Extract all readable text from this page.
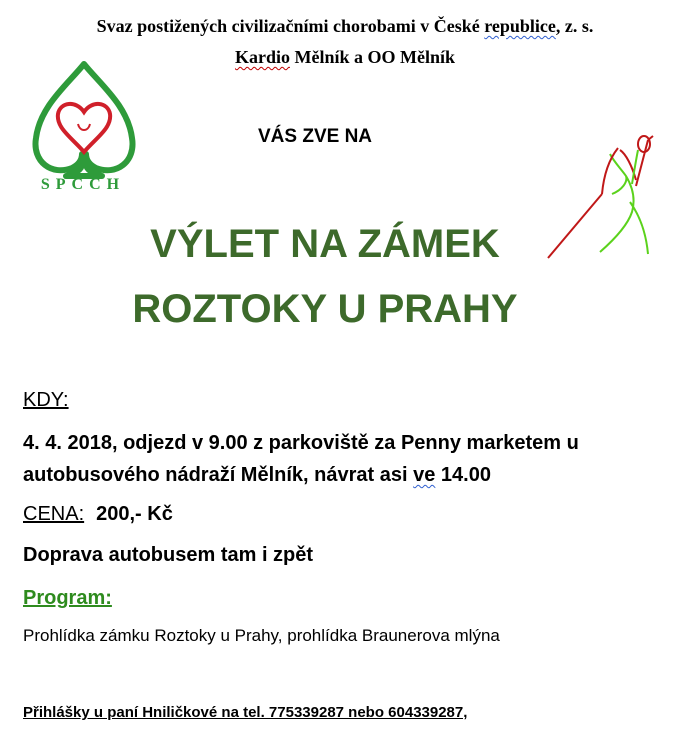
Svaz postižených civilizačními chorobami v České republice, z. s.
Kardio Mělník a OO Mělník
SPCCH
VÁS ZVE NA
VÝLET NA ZÁMEK
ROZTOKY U PRAHY
KDY:
4. 4. 2018, odjezd v 9.00 z parkoviště za Penny marketem u
autobusového nádraží Mělník, návrat asi ve 14.00
CENA: 200,- Kč
Doprava autobusem tam i zpět
Program:
Prohlídka zámku Roztoky u Prahy, prohlídka Braunerova mlýna
Přihlášky u paní Hniličkové na tel. 775339287 nebo 604339287,
